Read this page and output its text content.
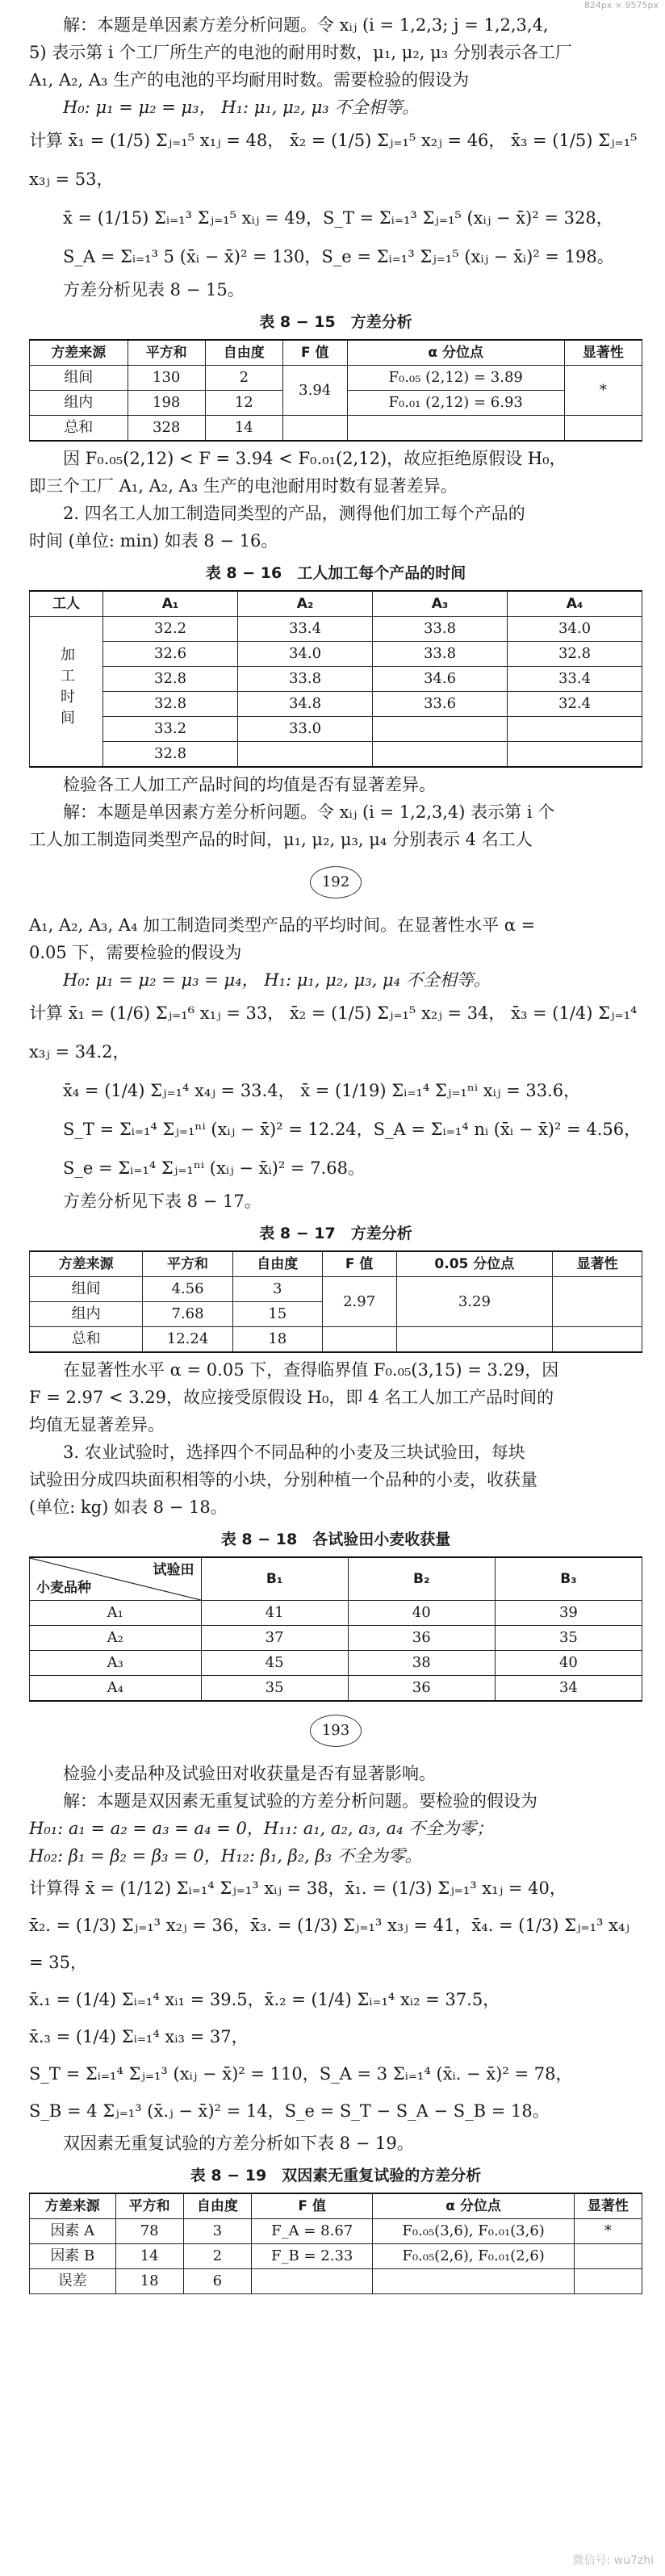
824px × 9575px

解：本题是单因素方差分析问题。令 xᵢⱼ (i = 1,2,3; j = 1,2,3,4,

5) 表示第 i 个工厂所生产的电池的耐用时数，μ₁, μ₂, μ₃ 分别表示各工厂

A₁, A₂, A₃ 生产的电池的平均耐用时数。需要检验的假设为

H₀: μ₁ = μ₂ = μ₃， H₁: μ₁, μ₂, μ₃ 不全相等。

计算 x̄₁ = (1/5) Σⱼ₌₁⁵ x₁ⱼ = 48， x̄₂ = (1/5) Σⱼ₌₁⁵ x₂ⱼ = 46， x̄₃ = (1/5) Σⱼ₌₁⁵ x₃ⱼ = 53，

x̄ = (1/15) Σᵢ₌₁³ Σⱼ₌₁⁵ xᵢⱼ = 49，S_T = Σᵢ₌₁³ Σⱼ₌₁⁵ (xᵢⱼ − x̄)² = 328，

S_A = Σᵢ₌₁³ 5 (x̄ᵢ − x̄)² = 130，S_e = Σᵢ₌₁³ Σⱼ₌₁⁵ (xᵢⱼ − x̄ᵢ)² = 198。

方差分析见表 8 − 15。

表 8 − 15　方差分析
方差来源	平方和	自由度	F 值	α 分位点	显著性
组间	130	2	3.94	F₀.₀₅ (2,12) = 3.89	*
组内	198	12		F₀.₀₁ (2,12) = 6.93	
总和	328	14			

因 F₀.₀₅(2,12) < F = 3.94 < F₀.₀₁(2,12)，故应拒绝原假设 H₀，

即三个工厂 A₁, A₂, A₃ 生产的电池耐用时数有显著差异。

2. 四名工人加工制造同类型的产品，测得他们加工每个产品的

时间 (单位: min) 如表 8 − 16。

表 8 − 16　工人加工每个产品的时间
工人	A₁	A₂	A₃	A₄
加工时间	32.2	33.4	33.8	34.0
	32.6	34.0	33.8	32.8
	32.8	33.8	34.6	33.4
	32.8	34.8	33.6	32.4
	33.2	33.0		
	32.8			

检验各工人加工产品时间的均值是否有显著差异。

解：本题是单因素方差分析问题。令 xᵢⱼ (i = 1,2,3,4) 表示第 i 个

工人加工制造同类型产品的时间，μ₁, μ₂, μ₃, μ₄ 分别表示 4 名工人

192

A₁, A₂, A₃, A₄ 加工制造同类型产品的平均时间。在显著性水平 α =

0.05 下，需要检验的假设为

H₀: μ₁ = μ₂ = μ₃ = μ₄， H₁: μ₁, μ₂, μ₃, μ₄ 不全相等。

计算 x̄₁ = (1/6) Σⱼ₌₁⁶ x₁ⱼ = 33， x̄₂ = (1/5) Σⱼ₌₁⁵ x₂ⱼ = 34， x̄₃ = (1/4) Σⱼ₌₁⁴ x₃ⱼ = 34.2，

x̄₄ = (1/4) Σⱼ₌₁⁴ x₄ⱼ = 33.4， x̄ = (1/19) Σᵢ₌₁⁴ Σⱼ₌₁ⁿⁱ xᵢⱼ = 33.6，

S_T = Σᵢ₌₁⁴ Σⱼ₌₁ⁿⁱ (xᵢⱼ − x̄)² = 12.24，S_A = Σᵢ₌₁⁴ nᵢ (x̄ᵢ − x̄)² = 4.56，

S_e = Σᵢ₌₁⁴ Σⱼ₌₁ⁿⁱ (xᵢⱼ − x̄ᵢ)² = 7.68。

方差分析见下表 8 − 17。

表 8 − 17　方差分析
方差来源	平方和	自由度	F 值	0.05 分位点	显著性
组间	4.56	3	2.97	3.29	
组内	7.68	15			
总和	12.24	18			

在显著性水平 α = 0.05 下，查得临界值 F₀.₀₅(3,15) = 3.29，因

F = 2.97 < 3.29，故应接受原假设 H₀，即 4 名工人加工产品时间的

均值无显著差异。

3. 农业试验时，选择四个不同品种的小麦及三块试验田，每块

试验田分成四块面积相等的小块，分别种植一个品种的小麦，收获量

(单位: kg) 如表 8 − 18。

表 8 − 18　各试验田小麦收获量
试验田
小麦品种	B₁	B₂	B₃
A₁	41	40	39
A₂	37	36	35
A₃	45	38	40
A₄	35	36	34
193

检验小麦品种及试验田对收获量是否有显著影响。

解：本题是双因素无重复试验的方差分析问题。要检验的假设为

H₀₁: a₁ = a₂ = a₃ = a₄ = 0，H₁₁: a₁, a₂, a₃, a₄ 不全为零；

H₀₂: β₁ = β₂ = β₃ = 0，H₁₂: β₁, β₂, β₃ 不全为零。

计算得 x̄ = (1/12) Σᵢ₌₁⁴ Σⱼ₌₁³ xᵢⱼ = 38，x̄₁. = (1/3) Σⱼ₌₁³ x₁ⱼ = 40，

x̄₂. = (1/3) Σⱼ₌₁³ x₂ⱼ = 36，x̄₃. = (1/3) Σⱼ₌₁³ x₃ⱼ = 41，x̄₄. = (1/3) Σⱼ₌₁³ x₄ⱼ = 35，

x̄.₁ = (1/4) Σᵢ₌₁⁴ xᵢ₁ = 39.5，x̄.₂ = (1/4) Σᵢ₌₁⁴ xᵢ₂ = 37.5，

x̄.₃ = (1/4) Σᵢ₌₁⁴ xᵢ₃ = 37，

S_T = Σᵢ₌₁⁴ Σⱼ₌₁³ (xᵢⱼ − x̄)² = 110，S_A = 3 Σᵢ₌₁⁴ (x̄ᵢ. − x̄)² = 78，

S_B = 4 Σⱼ₌₁³ (x̄.ⱼ − x̄)² = 14，S_e = S_T − S_A − S_B = 18。

双因素无重复试验的方差分析如下表 8 − 19。

表 8 − 19　双因素无重复试验的方差分析
方差来源	平方和	自由度	F 值	α 分位点	显著性
因素 A	78	3	F_A = 8.67	F₀.₀₅(3,6), F₀.₀₁(3,6)	*
因素 B	14	2	F_B = 2.33	F₀.₀₅(2,6), F₀.₀₁(2,6)	
误差	18	6			
微信号: wu7zhi
